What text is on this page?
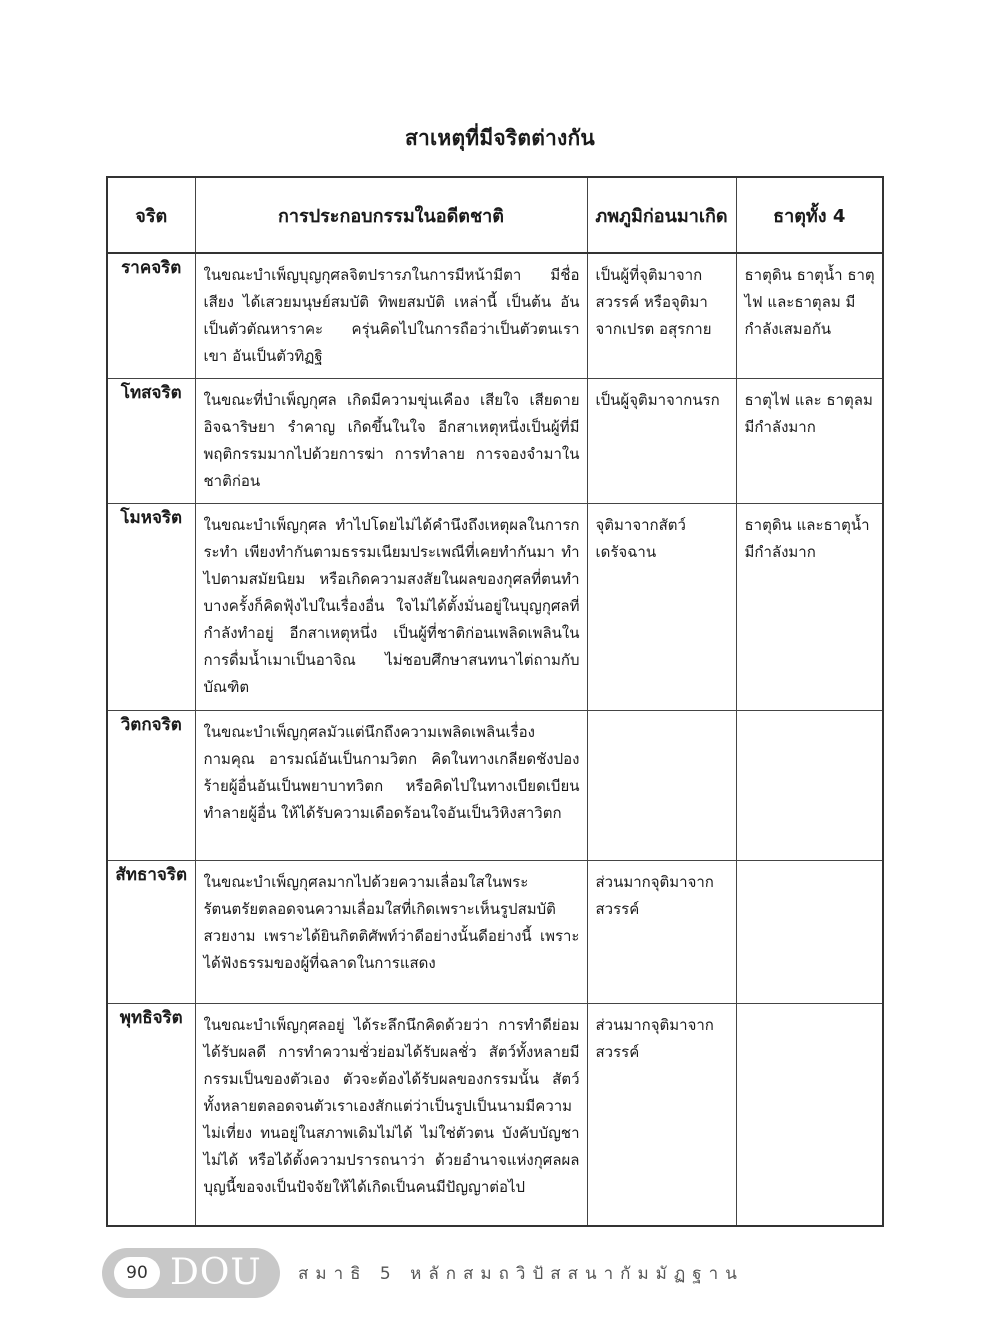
สาเหตุที่มีจริตต่างกัน
จริต	การประกอบกรรมในอดีตชาติ	ภพภูมิก่อนมาเกิด	ธาตุทั้ง 4
ราคจริต	ในขณะบำเพ็ญบุญกุศลจิตปรารภในการมีหน้ามีตา มีชื่อเสียง ได้เสวยมนุษย์สมบัติ ทิพยสมบัติ เหล่านี้ เป็นต้น อันเป็นตัวตัณหาราคะ ครุ่นคิดไปในการถือว่าเป็นตัวตนเรา เขา อันเป็นตัวทิฏฐิ	เป็นผู้ที่จุติมาจากสวรรค์ หรือจุติมาจากเปรต อสุรกาย	ธาตุดิน ธาตุน้ำ ธาตุไฟ และธาตุลม มีกำลังเสมอกัน
โทสจริต	ในขณะที่บำเพ็ญกุศล เกิดมีความขุ่นเคือง เสียใจ เสียดาย อิจฉาริษยา รำคาญ เกิดขึ้นในใจ อีกสาเหตุหนึ่งเป็นผู้ที่มีพฤติกรรมมากไปด้วยการฆ่า การทำลาย การจองจำมาในชาติก่อน	เป็นผู้จุติมาจากนรก	ธาตุไฟ และ ธาตุลมมีกำลังมาก
โมหจริต	ในขณะบำเพ็ญกุศล ทำไปโดยไม่ได้คำนึงถึงเหตุผลในการกระทำ เพียงทำกันตามธรรมเนียมประเพณีที่เคยทำกันมา ทำไปตามสมัยนิยม หรือเกิดความสงสัยในผลของกุศลที่ตนทำ บางครั้งก็คิดฟุ้งไปในเรื่องอื่น ใจไม่ได้ตั้งมั่นอยู่ในบุญกุศลที่กำลังทำอยู่ อีกสาเหตุหนึ่ง เป็นผู้ที่ชาติก่อนเพลิดเพลินในการดื่มน้ำเมาเป็นอาจิณ ไม่ชอบศึกษาสนทนาไต่ถามกับบัณฑิต	จุติมาจากสัตว์เดรัจฉาน	ธาตุดิน และธาตุน้ำมีกำลังมาก
วิตกจริต	ในขณะบำเพ็ญกุศลมัวแต่นึกถึงความเพลิดเพลินเรื่องกามคุณ อารมณ์อันเป็นกามวิตก คิดในทางเกลียดชังปองร้ายผู้อื่นอันเป็นพยาบาทวิตก หรือคิดไปในทางเบียดเบียนทำลายผู้อื่น ให้ได้รับความเดือดร้อนใจอันเป็นวิหิงสาวิตก		
สัทธาจริต	ในขณะบำเพ็ญกุศลมากไปด้วยความเลื่อมใสในพระรัตนตรัยตลอดจนความเลื่อมใสที่เกิดเพราะเห็นรูปสมบัติสวยงาม เพราะได้ยินกิตติศัพท์ว่าดีอย่างนั้นดีอย่างนี้ เพราะได้ฟังธรรมของผู้ที่ฉลาดในการแสดง	ส่วนมากจุติมาจากสวรรค์	
พุทธิจริต	ในขณะบำเพ็ญกุศลอยู่ ได้ระลึกนึกคิดด้วยว่า การทำดีย่อมได้รับผลดี การทำความชั่วย่อมได้รับผลชั่ว สัตว์ทั้งหลายมีกรรมเป็นของตัวเอง ตัวจะต้องได้รับผลของกรรมนั้น สัตว์ทั้งหลายตลอดจนตัวเราเองสักแต่ว่าเป็นรูปเป็นนามมีความไม่เที่ยง ทนอยู่ในสภาพเดิมไม่ได้ ไม่ใช่ตัวตน บังคับบัญชาไม่ได้ หรือได้ตั้งความปรารถนาว่า ด้วยอำนาจแห่งกุศลผลบุญนี้ขอจงเป็นปัจจัยให้ได้เกิดเป็นคนมีปัญญาต่อไป	ส่วนมากจุติมาจากสวรรค์	
90 DOU สมาธิ 5 หลักสมถวิปัสสนากัมมัฏฐาน
